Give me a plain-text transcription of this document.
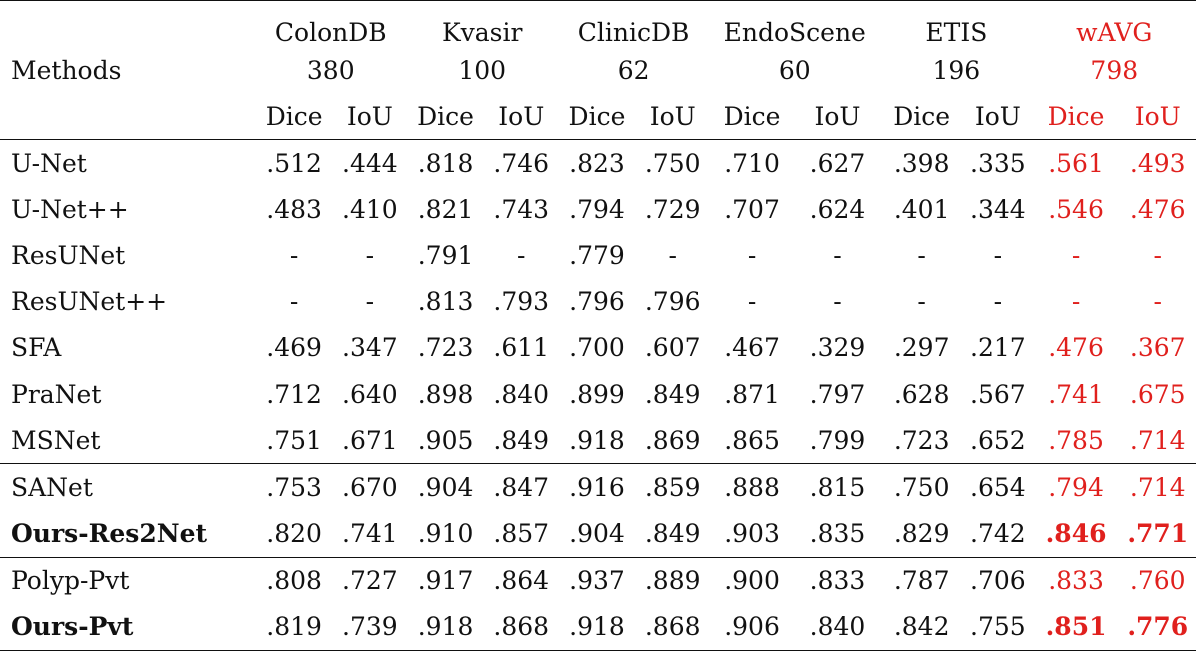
	ColonDB		Kvasir		ClinicDB		EndoScene		ETIS		wAVG	
Methods	380		100		62		60		196		798	
	Dice	IoU	Dice	IoU	Dice	IoU	Dice	IoU	Dice	IoU	Dice	IoU
U-Net	.512	.444	.818	.746	.823	.750	.710	.627	.398	.335	.561	.493
U-Net++	.483	.410	.821	.743	.794	.729	.707	.624	.401	.344	.546	.476
ResUNet	-	-	.791	-	.779	-	-	-	-	-	-	-
ResUNet++	-	-	.813	.793	.796	.796	-	-	-	-	-	-
SFA	.469	.347	.723	.611	.700	.607	.467	.329	.297	.217	.476	.367
PraNet	.712	.640	.898	.840	.899	.849	.871	.797	.628	.567	.741	.675
MSNet	.751	.671	.905	.849	.918	.869	.865	.799	.723	.652	.785	.714
SANet	.753	.670	.904	.847	.916	.859	.888	.815	.750	.654	.794	.714
Ours-Res2Net	.820	.741	.910	.857	.904	.849	.903	.835	.829	.742	.846	.771
Polyp-Pvt	.808	.727	.917	.864	.937	.889	.900	.833	.787	.706	.833	.760
Ours-Pvt	.819	.739	.918	.868	.918	.868	.906	.840	.842	.755	.851	.776
